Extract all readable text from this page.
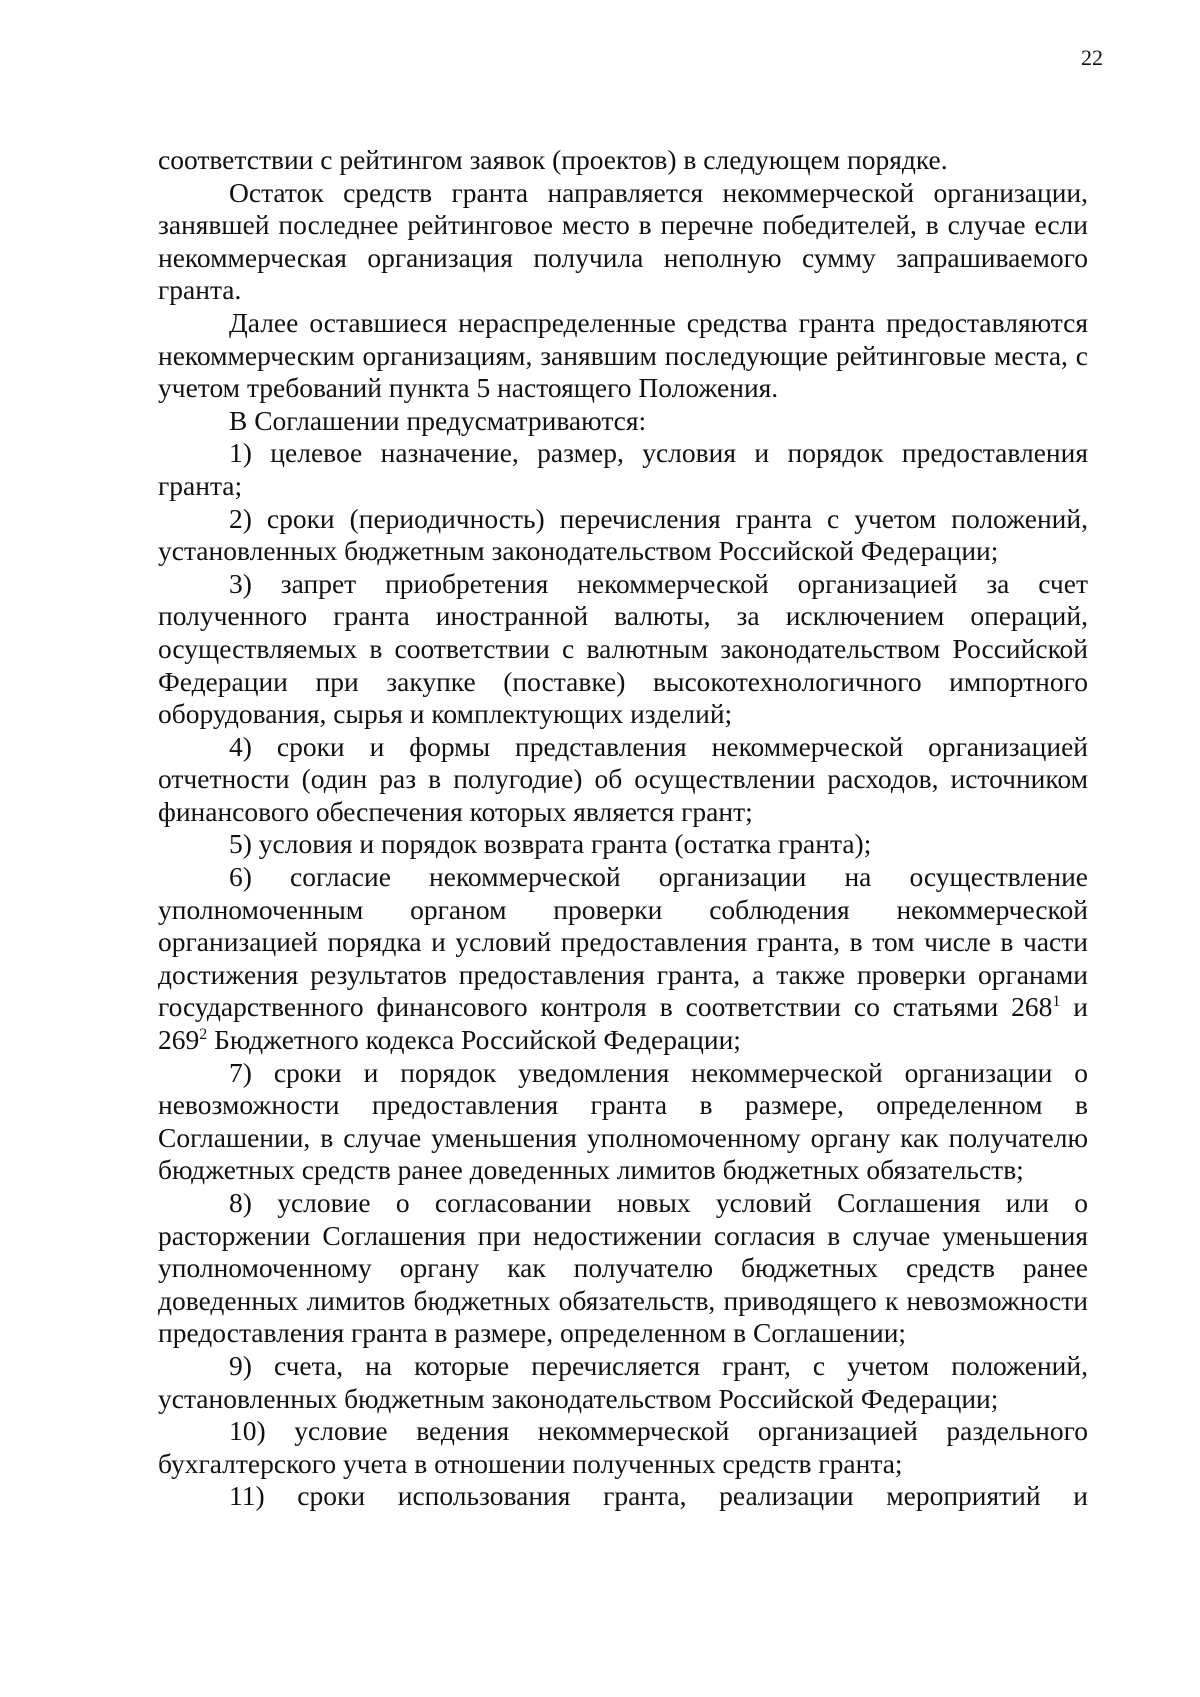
22

соответствии с рейтингом заявок (проектов) в следующем порядке.

Остаток средств гранта направляется некоммерческой организации, занявшей последнее рейтинговое место в перечне победителей, в случае если некоммерческая организация получила неполную сумму запрашиваемого гранта.

Далее оставшиеся нераспределенные средства гранта предоставляются некоммерческим организациям, занявшим последующие рейтинговые места, с учетом требований пункта 5 настоящего Положения.

В Соглашении предусматриваются:

1) целевое назначение, размер, условия и порядок предоставления гранта;

2) сроки (периодичность) перечисления гранта с учетом положений, установленных бюджетным законодательством Российской Федерации;

3) запрет приобретения некоммерческой организацией за счет полученного гранта иностранной валюты, за исключением операций, осуществляемых в соответствии с валютным законодательством Российской Федерации при закупке (поставке) высокотехнологичного импортного оборудования, сырья и комплектующих изделий;

4) сроки и формы представления некоммерческой организацией отчетности (один раз в полугодие) об осуществлении расходов, источником финансового обеспечения которых является грант;

5) условия и порядок возврата гранта (остатка гранта);

6) согласие некоммерческой организации на осуществление уполномоченным органом проверки соблюдения некоммерческой организацией порядка и условий предоставления гранта, в том числе в части достижения результатов предоставления гранта, а также проверки органами государственного финансового контроля в соответствии со статьями $268^1$ и $269^2$ Бюджетного кодекса Российской Федерации;

7) сроки и порядок уведомления некоммерческой организации о невозможности предоставления гранта в размере, определенном в Соглашении, в случае уменьшения уполномоченному органу как получателю бюджетных средств ранее доведенных лимитов бюджетных обязательств;

8) условие о согласовании новых условий Соглашения или о расторжении Соглашения при недостижении согласия в случае уменьшения уполномоченному органу как получателю бюджетных средств ранее доведенных лимитов бюджетных обязательств, приводящего к невозможности предоставления гранта в размере, определенном в Соглашении;

9) счета, на которые перечисляется грант, с учетом положений, установленных бюджетным законодательством Российской Федерации;

10) условие ведения некоммерческой организацией раздельного бухгалтерского учета в отношении полученных средств гранта;

11) сроки использования гранта, реализации мероприятий и
